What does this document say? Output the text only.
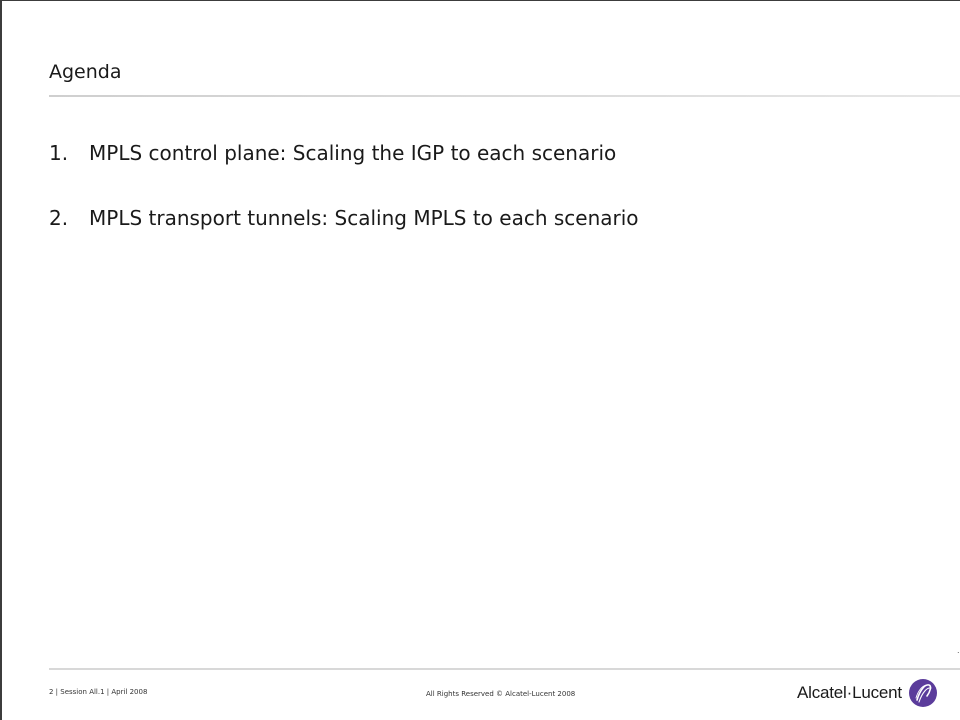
Agenda
1. MPLS control plane: Scaling the IGP to each scenario
2. MPLS transport tunnels: Scaling MPLS to each scenario
.
2 | Session All.1 | April 2008	All Rights Reserved © Alcatel-Lucent 2008	Alcatel·Lucent
